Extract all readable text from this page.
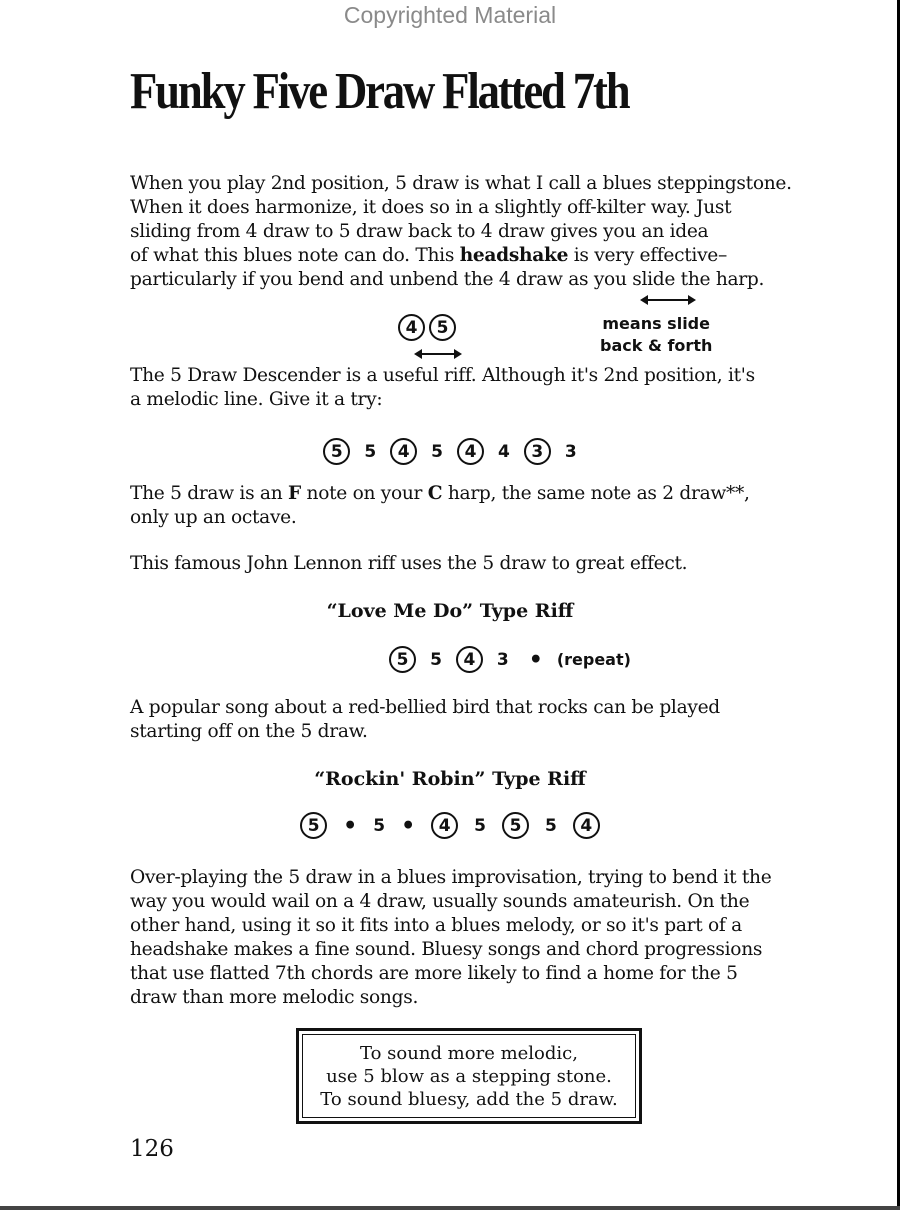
Copyrighted Material
Funky Five Draw Flatted 7th

When you play 2nd position, 5 draw is what I call a blues steppingstone.

When it does harmonize, it does so in a slightly off-kilter way. Just

sliding from 4 draw to 5 draw back to 4 draw gives you an idea

of what this blues note can do. This headshake is very effective–

particularly if you bend and unbend the 4 draw as you slide the harp.

4	5	means slide
back & forth

The 5 Draw Descender is a useful riff. Although it's 2nd position, it's

a melodic line. Give it a try:

5	5	4	5	4	4	3	3

The 5 draw is an F note on your C harp, the same note as 2 draw**,

only up an octave.

This famous John Lennon riff uses the 5 draw to great effect.

“Love Me Do” Type Riff

5	5	4	3 • (repeat)

A popular song about a red-bellied bird that rocks can be played

starting off on the 5 draw.

“Rockin' Robin” Type Riff

5	• 5 •	4	5	5	5	4

Over-playing the 5 draw in a blues improvisation, trying to bend it the

way you would wail on a 4 draw, usually sounds amateurish. On the

other hand, using it so it fits into a blues melody, or so it's part of a

headshake makes a fine sound. Bluesy songs and chord progressions

that use flatted 7th chords are more likely to find a home for the 5

draw than more melodic songs.

To sound more melodic,
use 5 blow as a stepping stone.
To sound bluesy, add the 5 draw.
126
